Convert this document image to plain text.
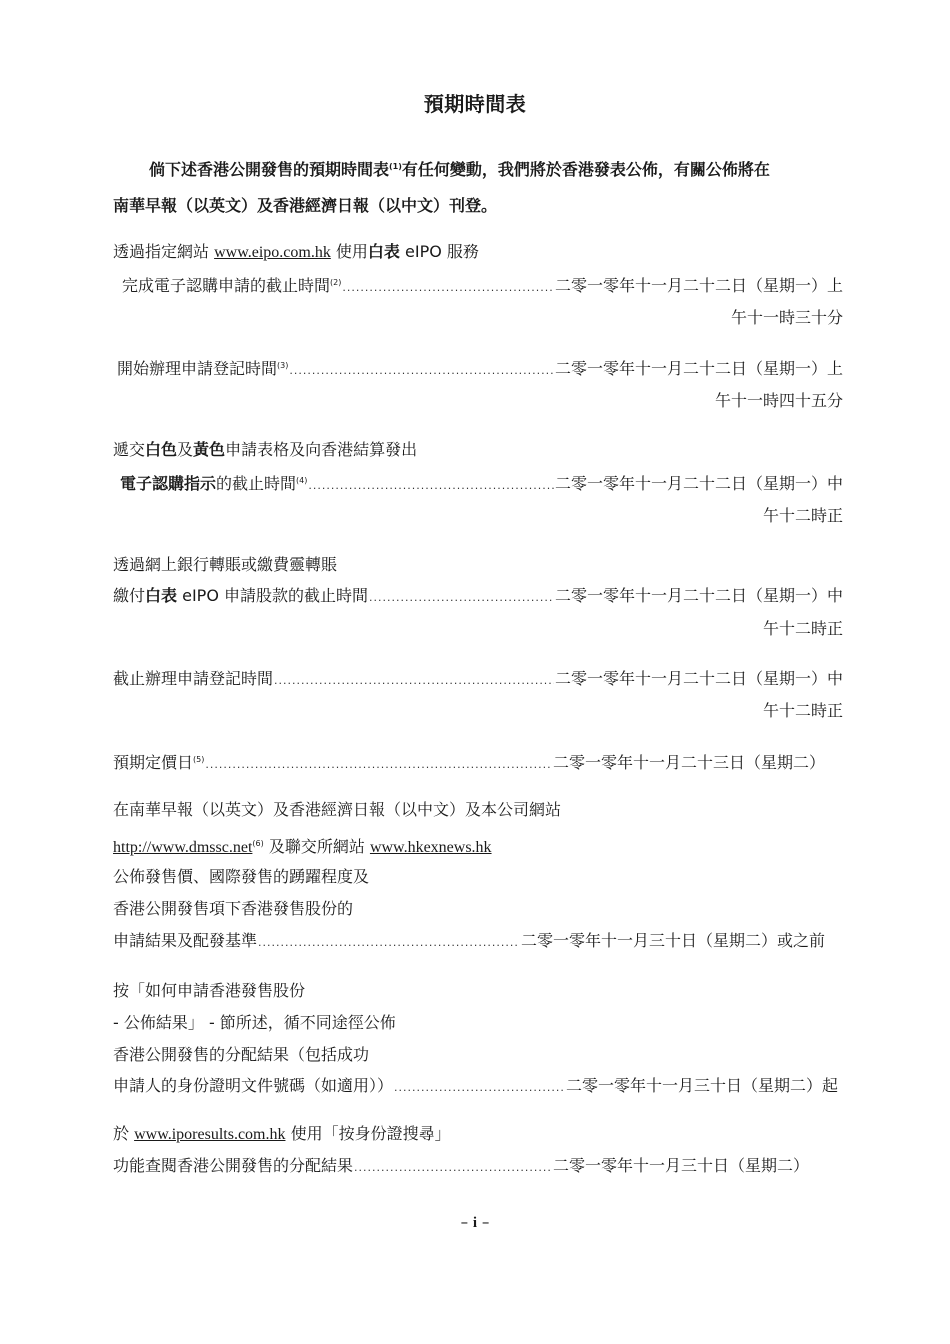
預期時間表
倘下述香港公開發售的預期時間表$^{(1)}$有任何變動，我們將於香港發表公佈，有關公佈將在
南華早報（以英文）及香港經濟日報（以中文）刊登。
透過指定網站 www.eipo.com.hk 使用白表 eIPO 服務
完成電子認購申請的截止時間$^{(2)}$ .....	二零一零年十一月二十二日（星期一）上
午十一時三十分
開始辦理申請登記時間$^{(3)}$ .....	二零一零年十一月二十二日（星期一）上
午十一時四十五分
遞交白色及黃色申請表格及向香港結算發出
電子認購指示的截止時間$^{(4)}$ .....	二零一零年十一月二十二日（星期一）中
午十二時正
透過網上銀行轉賬或繳費靈轉賬
繳付白表 eIPO 申請股款的截止時間 .....	二零一零年十一月二十二日（星期一）中
午十二時正
截止辦理申請登記時間 .....	二零一零年十一月二十二日（星期一）中
午十二時正
預期定價日$^{(5)}$ .....	二零一零年十一月二十三日（星期二）
在南華早報（以英文）及香港經濟日報（以中文）及本公司網站
http://www.dmssc.net$^{(6)}$ 及聯交所網站 www.hkexnews.hk
公佈發售價、國際發售的踴躍程度及
香港公開發售項下香港發售股份的
申請結果及配發基準 .....	二零一零年十一月三十日（星期二）或之前
按「如何申請香港發售股份
- 公佈結果」 - 節所述，循不同途徑公佈
香港公開發售的分配結果（包括成功
申請人的身份證明文件號碼（如適用）） .....	二零一零年十一月三十日（星期二）起
於 www.iporesults.com.hk 使用「按身份證搜尋」
功能查閱香港公開發售的分配結果 .....	二零一零年十一月三十日（星期二）
– i –
